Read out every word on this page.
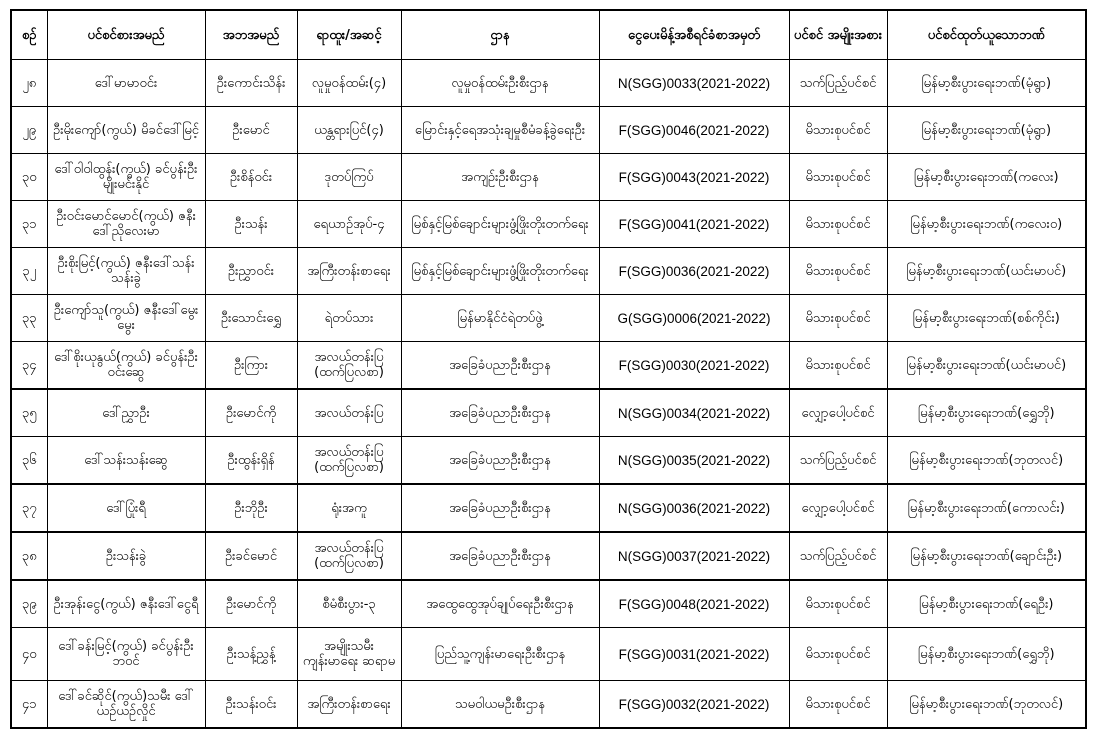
စဉ်	ပင်စင်စားအမည်	အဘအမည်	ရာထူး/အဆင့်	ဌာန	ငွေပေးမိန့်အစီရင်ခံစာအမှတ်	ပင်စင် အမျိုးအစား	ပင်စင်ထုတ်ယူသောဘဏ်
၂၈	ဒေါ်မာမာဝင်း	ဦးကောင်းသိန်း	လူမှုဝန်ထမ်း(၄)	လူမှုဝန်ထမ်းဦးစီးဌာန	N(SGG)0033(2021-2022)	သက်ပြည့်ပင်စင်	မြန်မာ့စီးပွားရေးဘဏ်(မုံရွာ)
၂၉	ဦးမိုးကျော်(ကွယ်) မိခင်ဒေါ်မြင့်	ဦးမောင်	ယန္တရားပြင်(၄)	မြောင်းနှင့်ရေအသုံးချမှုစီမံခန့်ခွဲရေးဦး	F(SGG)0046(2021-2022)	မိသားစုပင်စင်	မြန်မာ့စီးပွားရေးဘဏ်(မုံရွာ)
၃၀	ဒေါ်ဝါဝါထွန်း(ကွယ်) ခင်ပွန်းဦးမျိုးမင်းနိုင်	ဦးစိန်ဝင်း	ဒုတပ်ကြပ်	အကျဉ်းဦးစီးဌာန	F(SGG)0043(2021-2022)	မိသားစုပင်စင်	မြန်မာ့စီးပွားရေးဘဏ်(ကလေး)
၃၁	ဦးဝင်းမောင်မောင်(ကွယ်) ဇနီးဒေါ်ညိုလေးမာ	ဦးသန်း	ရေယာဉ်အုပ်-၄	မြစ်နှင့်မြစ်ချောင်းများဖွံ့ဖြိုးတိုးတက်ရေး	F(SGG)0041(2021-2022)	မိသားစုပင်စင်	မြန်မာ့စီးပွားရေးဘဏ်(ကလေးဝ)
၃၂	ဦးစိုးမြင့်(ကွယ်) ဇနီးဒေါ်သန်းသန်းခွဲ	ဦးညွှာဝင်း	အကြီးတန်းစာရေး	မြစ်နှင့်မြစ်ချောင်းများဖွံ့ဖြိုးတိုးတက်ရေး	F(SGG)0036(2021-2022)	မိသားစုပင်စင်	မြန်မာ့စီးပွားရေးဘဏ်(ယင်းမာပင်)
၃၃	ဦးကျော်သူ(ကွယ်) ဇနီးဒေါ်မွေးမွေး	ဦးသောင်းရွှေ	ရဲတပ်သား	မြန်မာနိုင်ငံရဲတပ်ဖွဲ့	G(SGG)0006(2021-2022)	မိသားစုပင်စင်	မြန်မာ့စီးပွားရေးဘဏ်(စစ်ကိုင်း)
၃၄	ဒေါ်စိုးယုနွယ်(ကွယ်) ခင်ပွန်းဦးဝင်းဆွေ	ဦးကြား	အလယ်တန်းပြ (ထက်ပြလစာ)	အခြေခံပညာဦးစီးဌာန	F(SGG)0030(2021-2022)	မိသားစုပင်စင်	မြန်မာ့စီးပွားရေးဘဏ်(ယင်းမာပင်)
၃၅	ဒေါ်ညွှာဦး	ဦးမောင်ကို	အလယ်တန်းပြ	အခြေခံပညာဦးစီးဌာန	N(SGG)0034(2021-2022)	လျှော့ပေါ့ပင်စင်	မြန်မာ့စီးပွားရေးဘဏ်(ရွှေဘို)
၃၆	ဒေါ်သန်းသန်းဆွေ	ဦးထွန်းရှိန်	အလယ်တန်းပြ (ထက်ပြလစာ)	အခြေခံပညာဦးစီးဌာန	N(SGG)0035(2021-2022)	သက်ပြည့်ပင်စင်	မြန်မာ့စီးပွားရေးဘဏ်(ဘုတလင်)
၃၇	ဒေါ်ပြုံးရီ	ဦးဘိုဦး	ရုံးအကူ	အခြေခံပညာဦးစီးဌာန	N(SGG)0036(2021-2022)	လျှော့ပေါ့ပင်စင်	မြန်မာ့စီးပွားရေးဘဏ်(ကောလင်း)
၃၈	ဦးသန်းခွဲ	ဦးခင်မောင်	အလယ်တန်းပြ (ထက်ပြလစာ)	အခြေခံပညာဦးစီးဌာန	N(SGG)0037(2021-2022)	သက်ပြည့်ပင်စင်	မြန်မာ့စီးပွားရေးဘဏ်(ချောင်းဦး)
၃၉	ဦးအုန်းငွေ(ကွယ်) ဇနီးဒေါ်ငွေရီ	ဦးမောင်ကို	စီမံစီးပွား-၃	အထွေထွေအုပ်ချုပ်ရေးဦးစီးဌာန	F(SGG)0048(2021-2022)	မိသားစုပင်စင်	မြန်မာ့စီးပွားရေးဘဏ်(ရေဦး)
၄၀	ဒေါ်ခန်းမြင့်(ကွယ်) ခင်ပွန်းဦးဘဝင်	ဦးသန့်ညွှန့်	အမျိုးသမီး ကျန်းမာရေး ဆရာမ	ပြည်သူ့ကျန်းမာရေးဦးစီးဌာန	F(SGG)0031(2021-2022)	မိသားစုပင်စင်	မြန်မာ့စီးပွားရေးဘဏ်(ရွှေဘို)
၄၁	ဒေါ်ခင်ဆိုင်(ကွယ်)သမီး ဒေါ်ယဉ်ယဉ်လှိုင်	ဦးသန်းဝင်း	အကြီးတန်းစာရေး	သမဝါယမဦးစီးဌာန	F(SGG)0032(2021-2022)	မိသားစုပင်စင်	မြန်မာ့စီးပွားရေးဘဏ်(ဘုတလင်)
